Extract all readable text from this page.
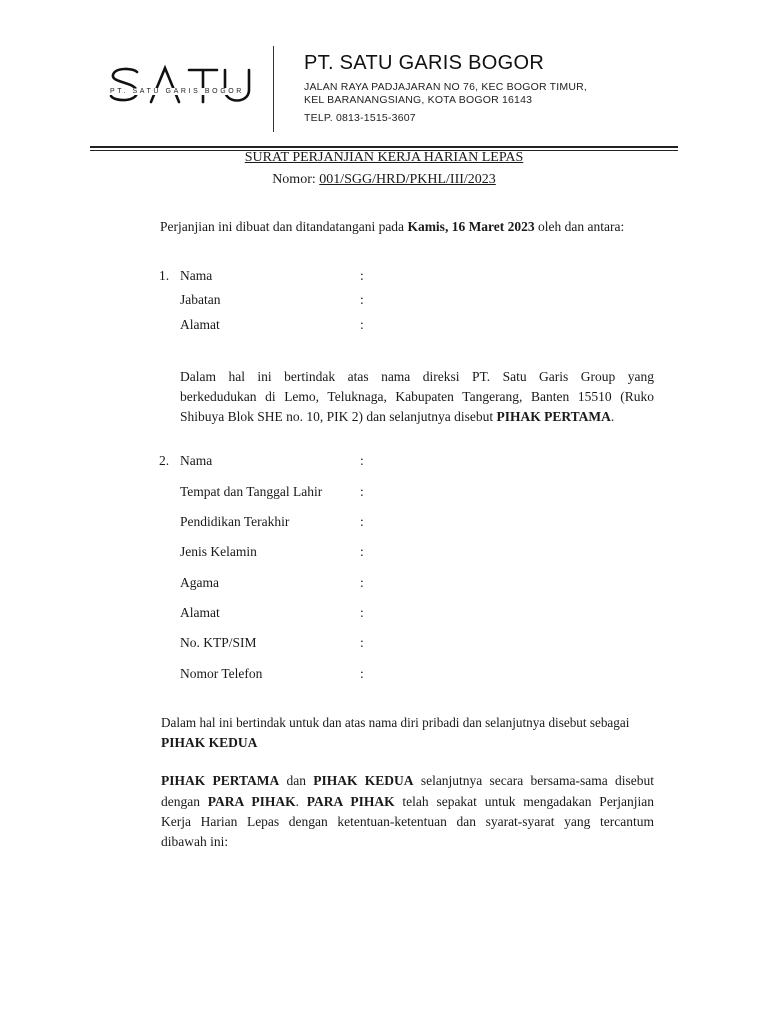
PT. SATU GARIS BOGOR
PT. SATU GARIS BOGOR
JALAN RAYA PADJAJARAN NO 76, KEC BOGOR TIMUR,
KEL BARANANGSIANG, KOTA BOGOR 16143
TELP. 0813-1515-3607
SURAT PERJANJIAN KERJA HARIAN LEPAS
Nomor: 001/SGG/HRD/PKHL/III/2023
Perjanjian ini dibuat dan ditandatangani pada Kamis, 16 Maret 2023 oleh dan antara:
1. Nama	:
Jabatan	:
Alamat	:
Dalam hal ini bertindak atas nama direksi PT. Satu Garis Group yang
berkedudukan di Lemo, Teluknaga, Kabupaten Tangerang, Banten 15510 (Ruko
Shibuya Blok SHE no. 10, PIK 2) dan selanjutnya disebut PIHAK PERTAMA.
2. Nama	:
Tempat dan Tanggal Lahir	:
Pendidikan Terakhir	:
Jenis Kelamin	:
Agama	:
Alamat	:
No. KTP/SIM	:
Nomor Telefon	:
Dalam hal ini bertindak untuk dan atas nama diri pribadi dan selanjutnya disebut sebagai
PIHAK KEDUA
PIHAK PERTAMA dan PIHAK KEDUA selanjutnya secara bersama-sama disebut
dengan PARA PIHAK. PARA PIHAK telah sepakat untuk mengadakan Perjanjian
Kerja Harian Lepas dengan ketentuan-ketentuan dan syarat-syarat yang tercantum
dibawah ini:
